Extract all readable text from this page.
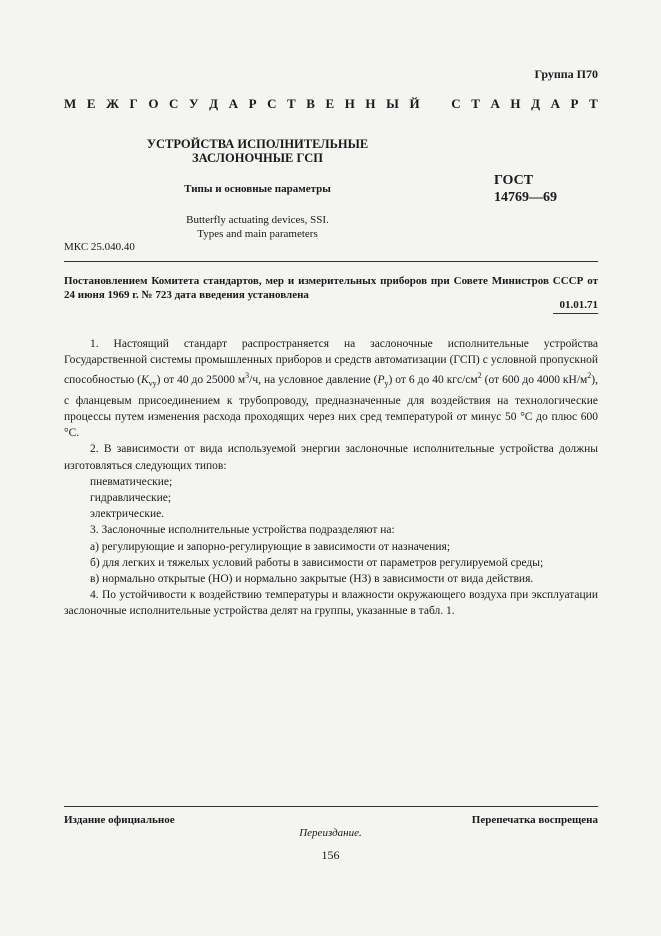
Группа П70
М Е Ж Г О С У Д А Р С Т В Е Н Н Ы Й С Т А Н Д А Р Т
УСТРОЙСТВА ИСПОЛНИТЕЛЬНЫЕ
ЗАСЛОНОЧНЫЕ ГСП
Типы и основные параметры
Butterfly actuating devices, SSI.
Types and main parameters
ГОСТ
14769—69
МКС 25.040.40
Постановлением Комитета стандартов, мер и измерительных приборов при Совете Министров СССР от 24 июня 1969 г. № 723 дата введения установлена
01.01.71

1. Настоящий стандарт распространяется на заслоночные исполнительные устройства Государственной системы промышленных приборов и средств автоматизации (ГСП) с условной пропускной способностью $(K_{vy})$ от 40 до 25000 $м^3/ч$, на условное давление $(P_y)$ от 6 до 40 кгс/$см^2$ (от 600 до 4000 $кН/м^2$), с фланцевым присоединением к трубопроводу, предназначенные для воздействия на технологические процессы путем изменения расхода проходящих через них сред температурой от минус 50 °С до плюс 600 °С.

2. В зависимости от вида используемой энергии заслоночные исполнительные устройства должны изготовляться следующих типов:

пневматические;

гидравлические;

электрические.

3. Заслоночные исполнительные устройства подразделяют на:

а) регулирующие и запорно-регулирующие в зависимости от назначения;

б) для легких и тяжелых условий работы в зависимости от параметров регулируемой среды;

в) нормально открытые (НО) и нормально закрытые (НЗ) в зависимости от вида действия.

4. По устойчивости к воздействию температуры и влажности окружающего воздуха при эксплуатации заслоночные исполнительные устройства делят на группы, указанные в табл. 1.

Издание официальное	Перепечатка воспрещена
Переиздание.
156
